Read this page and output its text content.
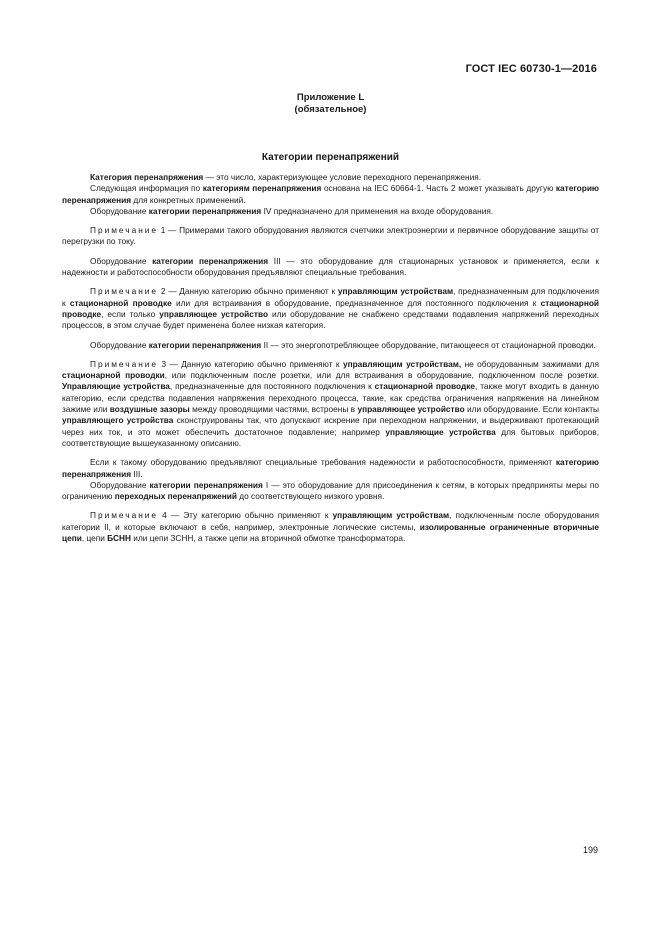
ГОСТ IEC 60730-1—2016
Приложение L
(обязательное)
Категории перенапряжений

Категория перенапряжения — это число, характеризующее условие переходного перенапряжения.

Следующая информация по категориям перенапряжения основана на IEC 60664-1. Часть 2 может указывать другую категорию перенапряжения для конкретных применений.

Оборудование категории перенапряжения IV предназначено для применения на входе оборудования.

Примечание 1 — Примерами такого оборудования являются счетчики электроэнергии и первичное оборудование защиты от перегрузки по току.

Оборудование категории перенапряжения III — это оборудование для стационарных установок и применяется, если к надежности и работоспособности оборудования предъявляют специальные требования.

Примечание 2 — Данную категорию обычно применяют к управляющим устройствам, предназначенным для подключения к стационарной проводке или для встраивания в оборудование, предназначенное для постоянного подключения к стационарной проводке, если только управляющее устройство или оборудование не снабжено средствами подавления напряжений переходных процессов, в этом случае будет применена более низкая категория.

Оборудование категории перенапряжения II — это энергопотребляющее оборудование, питающееся от стационарной проводки.

Примечание 3 — Данную категорию обычно применяют к управляющим устройствам, не оборудованным зажимами для стационарной проводки, или подключенным после розетки, или для встраивания в оборудование, подключенном после розетки. Управляющие устройства, предназначенные для постоянного подключения к стационарной проводке, также могут входить в данную категорию, если средства подавления напряжения переходного процесса, такие, как средства ограничения напряжения на линейном зажиме или воздушные зазоры между проводящими частями, встроены в управляющее устройство или оборудование. Если контакты управляющего устройства сконструированы так, что допускают искрение при переходном напряжении, и выдерживают протекающий через них ток, и это может обеспечить достаточное подавление; например управляющие устройства для бытовых приборов, соответствующие вышеуказанному описанию.

Если к такому оборудованию предъявляют специальные требования надежности и работоспособности, применяют категорию перенапряжения III.

Оборудование категории перенапряжения I — это оборудование для присоединения к сетям, в которых предприняты меры по ограничению переходных перенапряжений до соответствующего низкого уровня.

Примечание 4 — Эту категорию обычно применяют к управляющим устройствам, подключенным после оборудования категории II, и которые включают в себя, например, электронные логические системы, изолированные ограниченные вторичные цепи, цепи БСНН или цепи ЗСНН, а также цепи на вторичной обмотке трансформатора.

199
